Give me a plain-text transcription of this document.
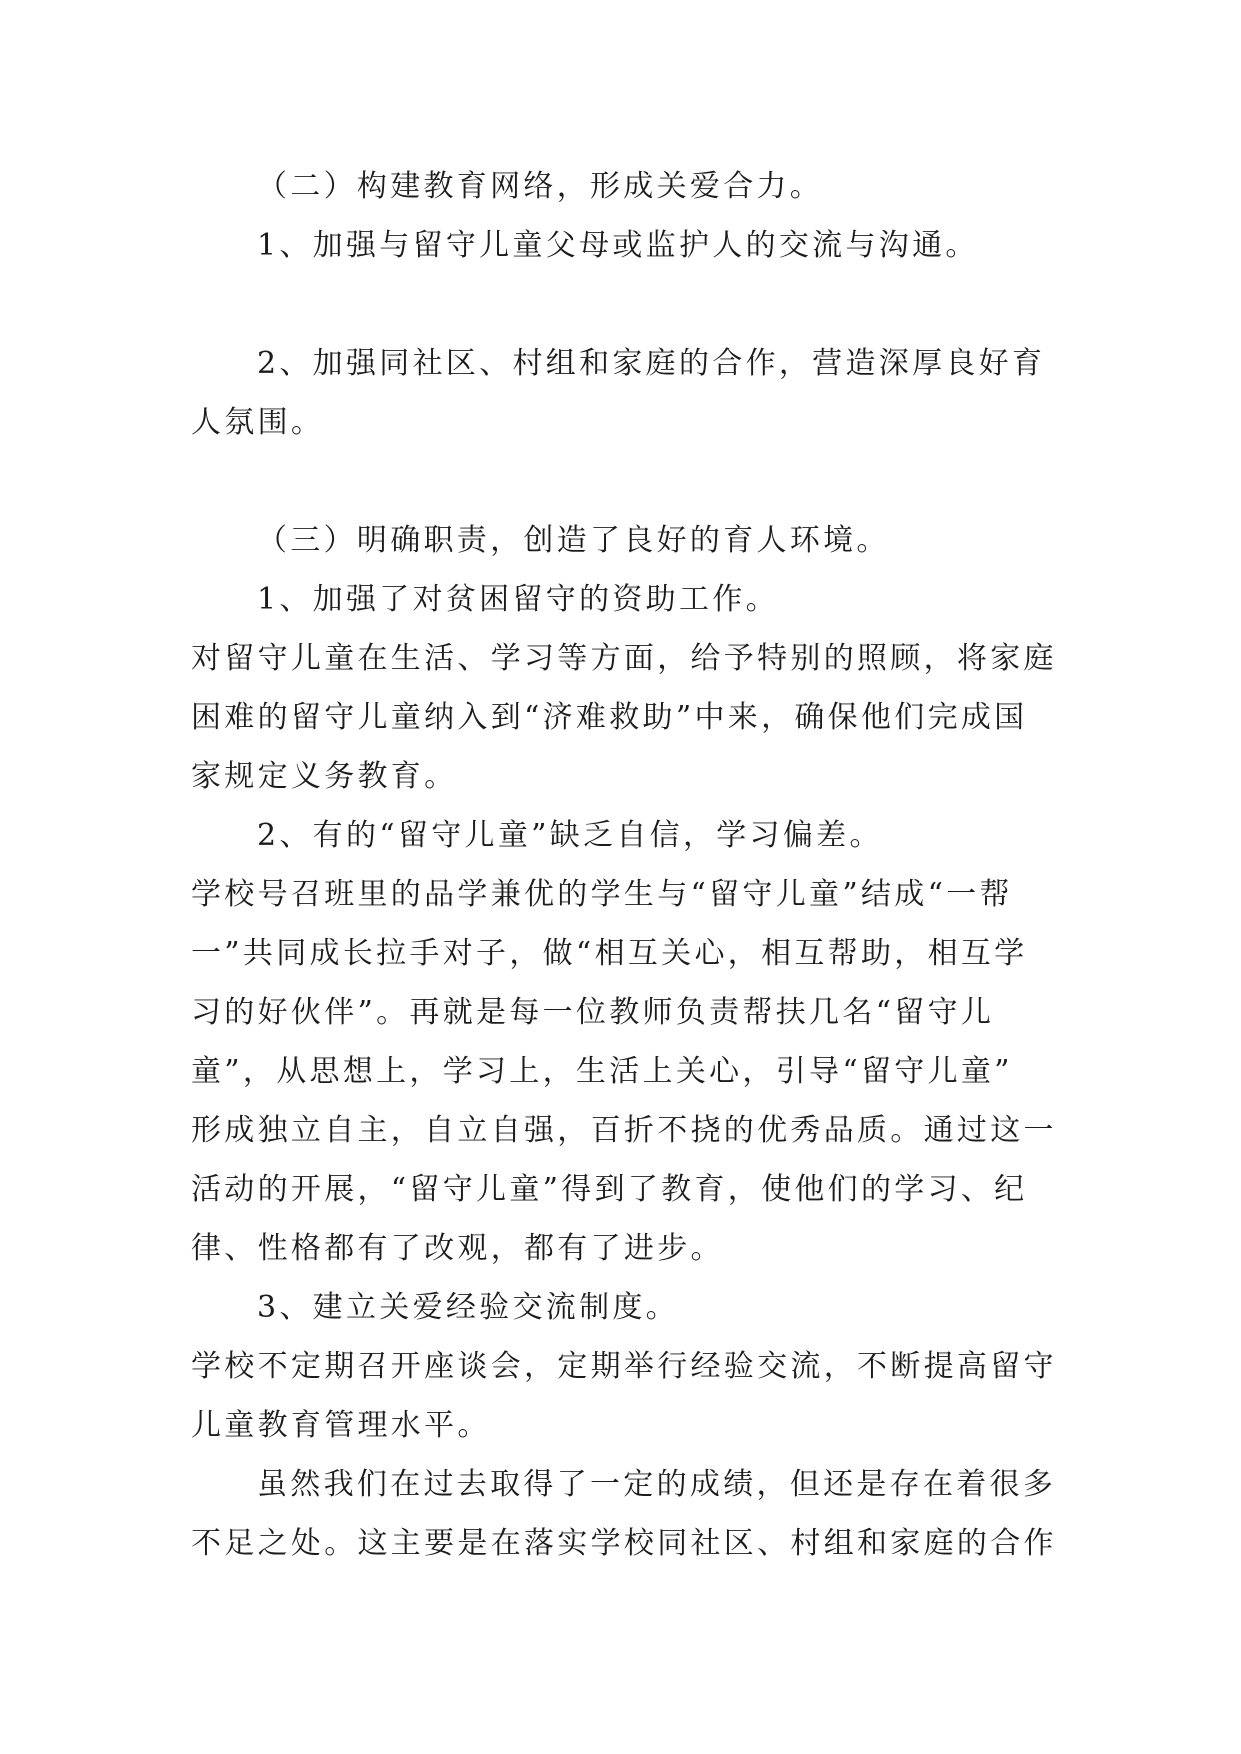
（二）构建教育网络，形成关爱合力。
1、加强与留守儿童父母或监护人的交流与沟通。
2、加强同社区、村组和家庭的合作，营造深厚良好育
人氛围。
（三）明确职责，创造了良好的育人环境。
1、加强了对贫困留守的资助工作。
对留守儿童在生活、学习等方面，给予特别的照顾，将家庭
困难的留守儿童纳入到“济难救助”中来，确保他们完成国
家规定义务教育。
2、有的“留守儿童”缺乏自信，学习偏差。
学校号召班里的品学兼优的学生与“留守儿童”结成“一帮
一”共同成长拉手对子，做“相互关心，相互帮助，相互学
习的好伙伴”。再就是每一位教师负责帮扶几名“留守儿
童”，从思想上，学习上，生活上关心，引导“留守儿童”
形成独立自主，自立自强，百折不挠的优秀品质。通过这一
活动的开展，“留守儿童”得到了教育，使他们的学习、纪
律、性格都有了改观，都有了进步。
3、建立关爱经验交流制度。
学校不定期召开座谈会，定期举行经验交流，不断提高留守
儿童教育管理水平。
虽然我们在过去取得了一定的成绩，但还是存在着很多
不足之处。这主要是在落实学校同社区、村组和家庭的合作
